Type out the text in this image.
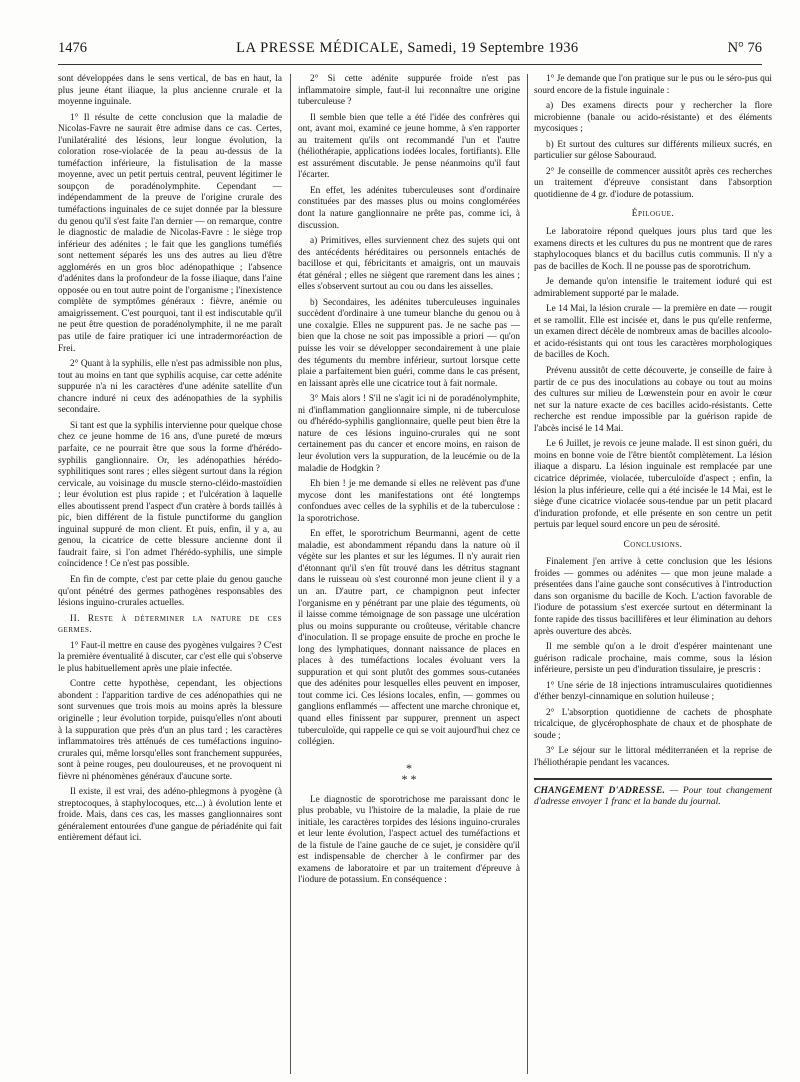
1476	LA PRESSE MÉDICALE, Samedi, 19 Septembre 1936	N° 76

sont développées dans le sens vertical, de bas en haut, la plus jeune étant iliaque, la plus ancienne crurale et la moyenne inguinale.

1° Il résulte de cette conclusion que la maladie de Nicolas-Favre ne saurait être admise dans ce cas. Certes, l'unilatéralité des lésions, leur longue évolution, la coloration rose-violacée de la peau au-dessus de la tuméfaction inférieure, la fistulisation de la masse moyenne, avec un petit pertuis central, peuvent légitimer le soupçon de poradénolymphite. Cependant — indépendamment de la preuve de l'origine crurale des tuméfactions inguinales de ce sujet donnée par la blessure du genou qu'il s'est faite l'an dernier — on remarque, contre le diagnostic de maladie de Nicolas-Favre : le siège trop inférieur des adénites ; le fait que les ganglions tuméfiés sont nettement séparés les uns des autres au lieu d'être agglomérés en un gros bloc adénopathique ; l'absence d'adénites dans la profondeur de la fosse iliaque, dans l'aine opposée ou en tout autre point de l'organisme ; l'inexistence complète de symptômes généraux : fièvre, anémie ou amaigrissement. C'est pourquoi, tant il est indiscutable qu'il ne peut être question de poradénolymphite, il ne me paraît pas utile de faire pratiquer ici une intradermoréaction de Frei.

2° Quant à la syphilis, elle n'est pas admissible non plus, tout au moins en tant que syphilis acquise, car cette adénite suppurée n'a ni les caractères d'une adénite satellite d'un chancre induré ni ceux des adénopathies de la syphilis secondaire.

Si tant est que la syphilis intervienne pour quelque chose chez ce jeune homme de 16 ans, d'une pureté de mœurs parfaite, ce ne pourrait être que sous la forme d'hérédo-syphilis ganglionnaire. Or, les adénopathies hérédo-syphilitiques sont rares ; elles siègent surtout dans la région cervicale, au voisinage du muscle sterno-cléido-mastoïdien ; leur évolution est plus rapide ; et l'ulcération à laquelle elles aboutissent prend l'aspect d'un cratère à bords taillés à pic, bien différent de la fistule punctiforme du ganglion inguinal suppuré de mon client. Et puis, enfin, il y a, au genou, la cicatrice de cette blessure ancienne dont il faudrait faire, si l'on admet l'hérédo-syphilis, une simple coïncidence ! Ce n'est pas possible.

En fin de compte, c'est par cette plaie du genou gauche qu'ont pénétré des germes pathogènes responsables des lésions inguino-crurales actuelles.

II. Reste à déterminer la nature de ces germes.

1° Faut-il mettre en cause des pyogènes vulgaires ? C'est la première éventualité à discuter, car c'est elle qui s'observe le plus habituellement après une plaie infectée.

Contre cette hypothèse, cependant, les objections abondent : l'apparition tardive de ces adénopathies qui ne sont survenues que trois mois au moins après la blessure originelle ; leur évolution torpide, puisqu'elles n'ont abouti à la suppuration que près d'un an plus tard ; les caractères inflammatoires très atténués de ces tuméfactions inguino-crurales qui, même lorsqu'elles sont franchement suppurées, sont à peine rouges, peu douloureuses, et ne provoquent ni fièvre ni phénomènes généraux d'aucune sorte.

Il existe, il est vrai, des adéno-phlegmons à pyogène (à streptocoques, à staphylocoques, etc...) à évolution lente et froide. Mais, dans ces cas, les masses ganglionnaires sont généralement entourées d'une gangue de périadénite qui fait entièrement défaut ici.

2° Si cette adénite suppurée froide n'est pas inflammatoire simple, faut-il lui reconnaître une origine tuberculeuse ?

Il semble bien que telle a été l'idée des confrères qui ont, avant moi, examiné ce jeune homme, à s'en rapporter au traitement qu'ils ont recommandé l'un et l'autre (héliothérapie, applications iodées locales, fortifiants). Elle est assurément discutable. Je pense néanmoins qu'il faut l'écarter.

En effet, les adénites tuberculeuses sont d'ordinaire constituées par des masses plus ou moins conglomérées dont la nature ganglionnaire ne prête pas, comme ici, à discussion.

a) Primitives, elles surviennent chez des sujets qui ont des antécédents héréditaires ou personnels entachés de bacillose et qui, fébricitants et amaigris, ont un mauvais état général ; elles ne siègent que rarement dans les aines ; elles s'observent surtout au cou ou dans les aisselles.

b) Secondaires, les adénites tuberculeuses inguinales succèdent d'ordinaire à une tumeur blanche du genou ou à une coxalgie. Elles ne suppurent pas. Je ne sache pas — bien que la chose ne soit pas impossible a priori — qu'on puisse les voir se développer secondairement à une plaie des téguments du membre inférieur, surtout lorsque cette plaie a parfaitement bien guéri, comme dans le cas présent, en laissant après elle une cicatrice tout à fait normale.

3° Mais alors ! S'il ne s'agit ici ni de poradénolymphite, ni d'inflammation ganglionnaire simple, ni de tuberculose ou d'hérédo-syphilis ganglionnaire, quelle peut bien être la nature de ces lésions inguino-crurales qui ne sont certainement pas du cancer et encore moins, en raison de leur évolution vers la suppuration, de la leucémie ou de la maladie de Hodgkin ?

Eh bien ! je me demande si elles ne relèvent pas d'une mycose dont les manifestations ont été longtemps confondues avec celles de la syphilis et de la tuberculose : la sporotrichose.

En effet, le sporotrichum Beurmanni, agent de cette maladie, est abondamment répandu dans la nature où il végète sur les plantes et sur les légumes. Il n'y aurait rien d'étonnant qu'il s'en fût trouvé dans les détritus stagnant dans le ruisseau où s'est couronné mon jeune client il y a un an. D'autre part, ce champignon peut infecter l'organisme en y pénétrant par une plaie des téguments, où il laisse comme témoignage de son passage une ulcération plus ou moins suppurante ou croûteuse, véritable chancre d'inoculation. Il se propage ensuite de proche en proche le long des lymphatiques, donnant naissance de places en places à des tuméfactions locales évoluant vers la suppuration et qui sont plutôt des gommes sous-cutanées que des adénites pour lesquelles elles peuvent en imposer, tout comme ici. Ces lésions locales, enfin, — gommes ou ganglions enflammés — affectent une marche chronique et, quand elles finissent par suppurer, prennent un aspect tuberculoïde, qui rappelle ce qui se voit aujourd'hui chez ce collégien.

*
* *

Le diagnostic de sporotrichose me paraissant donc le plus probable, vu l'histoire de la maladie, la plaie de rue initiale, les caractères torpides des lésions inguino-crurales et leur lente évolution, l'aspect actuel des tuméfactions et de la fistule de l'aine gauche de ce sujet, je considère qu'il est indispensable de chercher à le confirmer par des examens de laboratoire et par un traitement d'épreuve à l'iodure de potassium. En conséquence :

1° Je demande que l'on pratique sur le pus ou le séro-pus qui sourd encore de la fistule inguinale :

a) Des examens directs pour y rechercher la flore microbienne (banale ou acido-résistante) et des éléments mycosiques ;

b) Et surtout des cultures sur différents milieux sucrés, en particulier sur gélose Sabouraud.

2° Je conseille de commencer aussitôt après ces recherches un traitement d'épreuve consistant dans l'absorption quotidienne de 4 gr. d'iodure de potassium.

Épilogue.

Le laboratoire répond quelques jours plus tard que les examens directs et les cultures du pus ne montrent que de rares staphylocoques blancs et du bacillus cutis communis. Il n'y a pas de bacilles de Koch. Il ne pousse pas de sporotrichum.

Je demande qu'on intensifie le traitement ioduré qui est admirablement supporté par le malade.

Le 14 Mai, la lésion crurale — la première en date — rougit et se ramollit. Elle est incisée et, dans le pus qu'elle renferme, un examen direct décèle de nombreux amas de bacilles alcoolo- et acido-résistants qui ont tous les caractères morphologiques de bacilles de Koch.

Prévenu aussitôt de cette découverte, je conseille de faire à partir de ce pus des inoculations au cobaye ou tout au moins des cultures sur milieu de Lœwenstein pour en avoir le cœur net sur la nature exacte de ces bacilles acido-résistants. Cette recherche est rendue impossible par la guérison rapide de l'abcès incisé le 14 Mai.

Le 6 Juillet, je revois ce jeune malade. Il est sinon guéri, du moins en bonne voie de l'être bientôt complètement. La lésion iliaque a disparu. La lésion inguinale est remplacée par une cicatrice déprimée, violacée, tuberculoïde d'aspect ; enfin, la lésion la plus inférieure, celle qui a été incisée le 14 Mai, est le siège d'une cicatrice violacée sous-tendue par un petit placard d'induration profonde, et elle présente en son centre un petit pertuis par lequel sourd encore un peu de sérosité.

Conclusions.

Finalement j'en arrive à cette conclusion que les lésions froides — gommes ou adénites — que mon jeune malade a présentées dans l'aine gauche sont consécutives à l'introduction dans son organisme du bacille de Koch. L'action favorable de l'iodure de potassium s'est exercée surtout en déterminant la fonte rapide des tissus bacillifères et leur élimination au dehors après ouverture des abcès.

Il me semble qu'on a le droit d'espérer maintenant une guérison radicale prochaine, mais comme, sous la lésion inférieure, persiste un peu d'induration tissulaire, je prescris :

1° Une série de 18 injections intramusculaires quotidiennes d'éther benzyl-cinnamique en solution huileuse ;

2° L'absorption quotidienne de cachets de phosphate tricalcique, de glycérophosphate de chaux et de phosphate de soude ;

3° Le séjour sur le littoral méditerranéen et la reprise de l'héliothérapie pendant les vacances.

CHANGEMENT D'ADRESSE. — Pour tout changement d'adresse envoyer 1 franc et la bande du journal.
